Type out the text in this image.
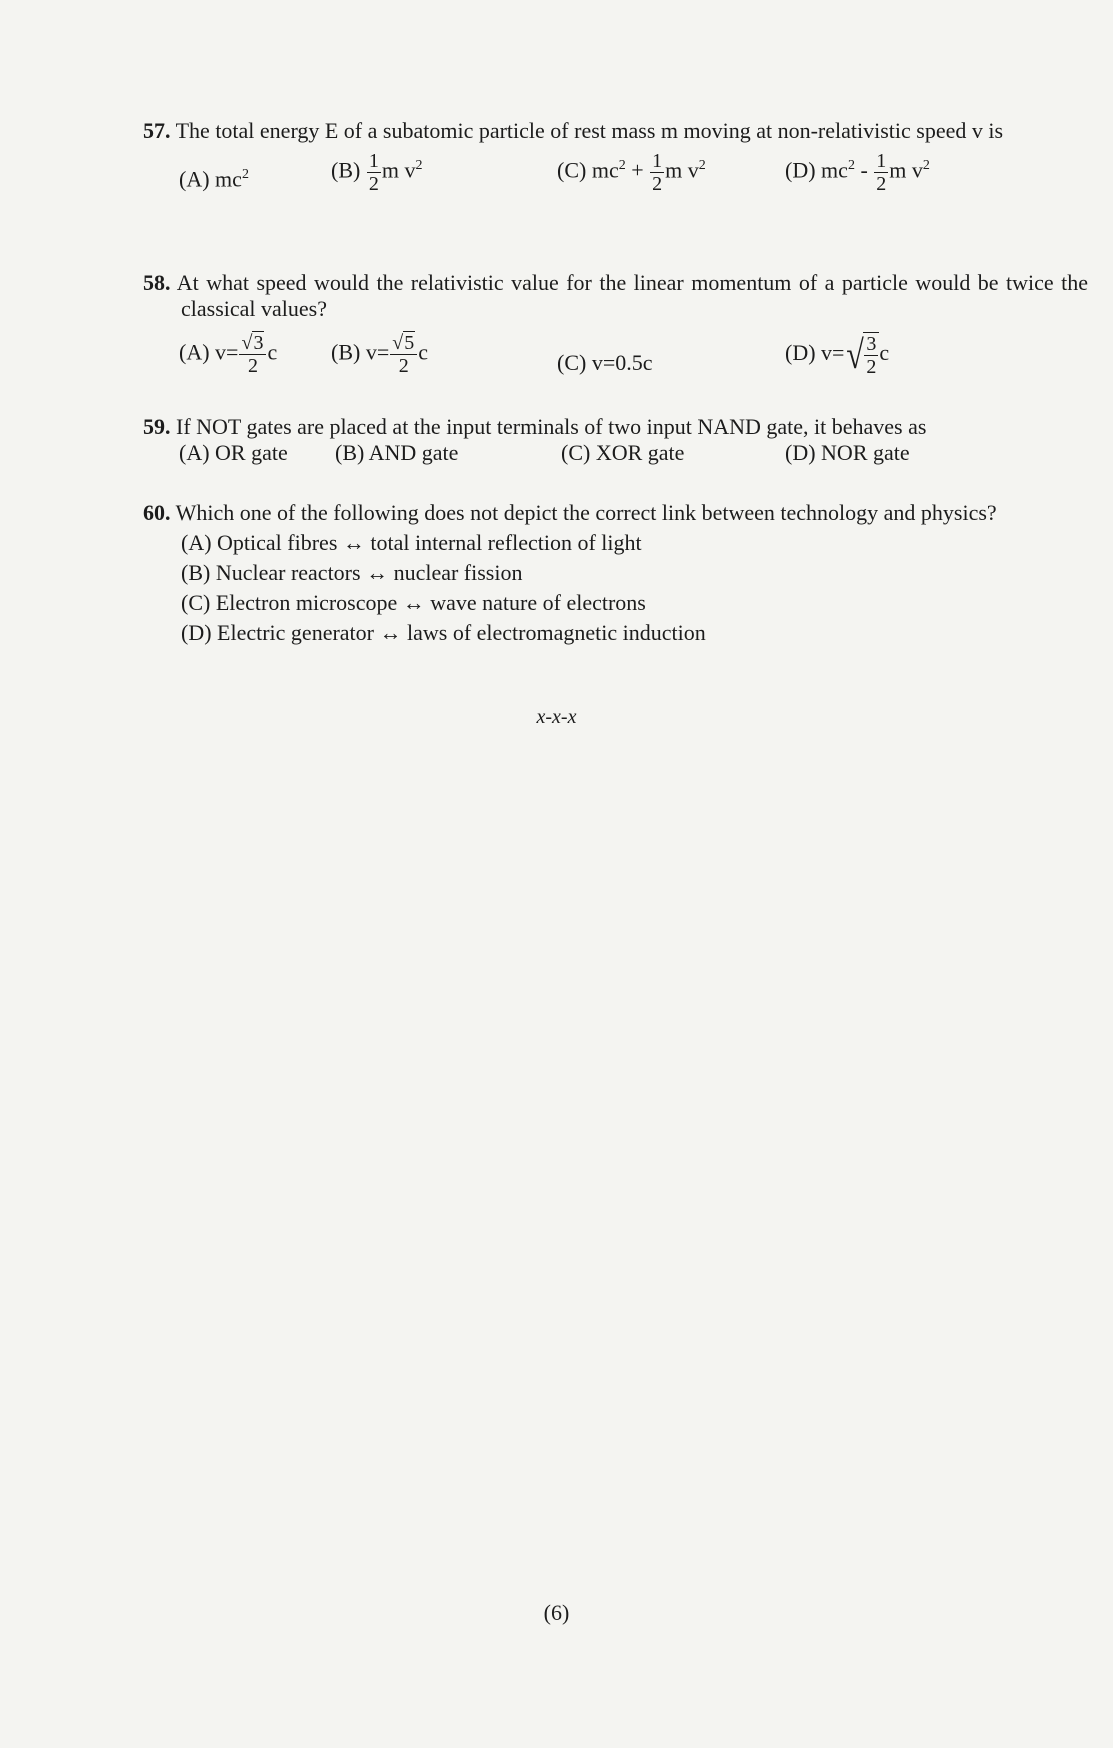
57. The total energy E of a subatomic particle of rest mass m moving at non-relativistic speed v is
(A) $mc^2$	$(B) \frac{1}{2}$ m $v^2$	(C) $mc^2 + \frac{1}{2}$ m $v^2$	(D) $mc^2 - \frac{1}{2}$ m $v^2$
58. At what speed would the relativistic value for the linear momentum of a particle would be twice the classical values?
(A) $v= \frac{√3}{2}$ c (B) $v= \frac{√5}{2}$ c	(C) v=0.5c	(D) $v=√ \frac{3}{2}$ c
59. If NOT gates are placed at the input terminals of two input NAND gate, it behaves as
(A) OR gate (B) AND gate	(C) XOR gate	(D) NOR gate
60. Which one of the following does not depict the correct link between technology and physics?
(A) Optical fibres ↔ total internal reflection of light
(B) Nuclear reactors ↔ nuclear fission
(C) Electron microscope ↔ wave nature of electrons
(D) Electric generator ↔ laws of electromagnetic induction
x-x-x
(6)
